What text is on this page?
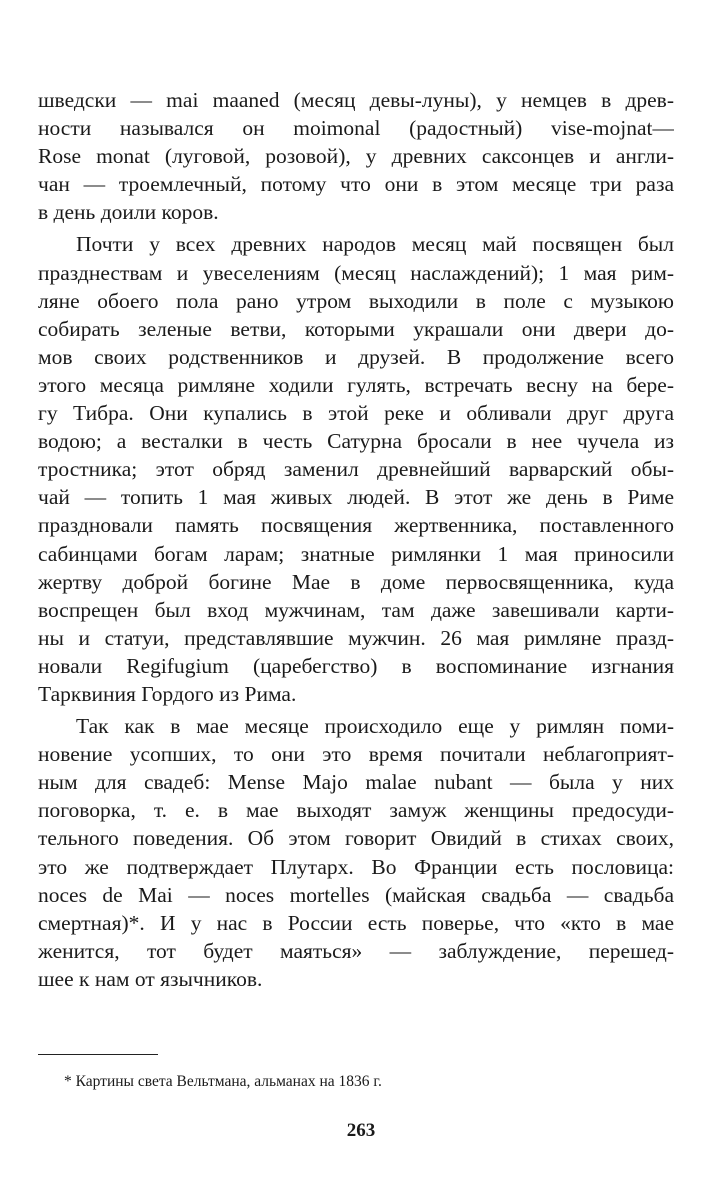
шведски — mai maaned (месяц девы-луны), у немцев в древ-
ности назывался он moimonal (радостный) vise-mojnat—
Rose monat (луговой, розовой), у древних саксонцев и англи-
чан — троемлечный, потому что они в этом месяце три раза
в день доили коров.
Почти у всех древних народов месяц май посвящен был
празднествам и увеселениям (месяц наслаждений); 1 мая рим-
ляне обоего пола рано утром выходили в поле с музыкою
собирать зеленые ветви, которыми украшали они двери до-
мов своих родственников и друзей. В продолжение всего
этого месяца римляне ходили гулять, встречать весну на бере-
гу Тибра. Они купались в этой реке и обливали друг друга
водою; а весталки в честь Сатурна бросали в нее чучела из
тростника; этот обряд заменил древнейший варварский обы-
чай — топить 1 мая живых людей. В этот же день в Риме
праздновали память посвящения жертвенника, поставленного
сабинцами богам ларам; знатные римлянки 1 мая приносили
жертву доброй богине Мае в доме первосвященника, куда
воспрещен был вход мужчинам, там даже завешивали карти-
ны и статуи, представлявшие мужчин. 26 мая римляне празд-
новали Regifugium (царебегство) в воспоминание изгнания
Тарквиния Гордого из Рима.
Так как в мае месяце происходило еще у римлян поми-
новение усопших, то они это время почитали неблагоприят-
ным для свадеб: Mense Majo malae nubant — была у них
поговорка, т. е. в мае выходят замуж женщины предосуди-
тельного поведения. Об этом говорит Овидий в стихах своих,
это же подтверждает Плутарх. Во Франции есть пословица:
noces de Mai — noces mortelles (майская свадьба — свадьба
смертная)*. И у нас в России есть поверье, что «кто в мае
женится, тот будет маяться» — заблуждение, перешед-
шее к нам от язычников.
* Картины света Вельтмана, альманах на 1836 г.
263
